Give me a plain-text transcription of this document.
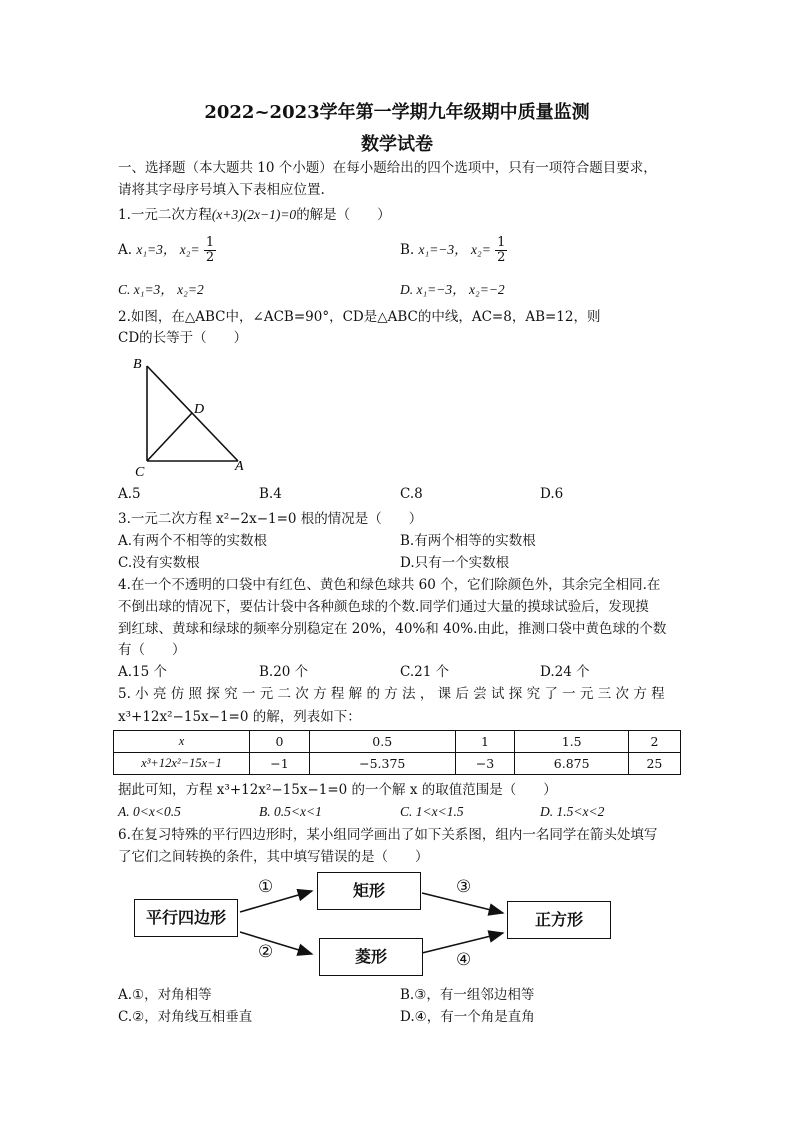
2022~2023学年第一学期九年级期中质量监测
数学试卷
一、选择题（本大题共 10 个小题）在每小题给出的四个选项中，只有一项符合题目要求，
请将其字母序号填入下表相应位置.
1.一元二次方程(x+3)(2x−1)=0的解是（　　）
A. x₁=3， $x_2= \frac{1}{2}$	B. x₁=−3， $x_2= \frac{1}{2}$
C. x₁=3， x₂=2	D. x₁=−3， x₂=−2
2.如图，在△ABC中，∠ACB=90°，CD是△ABC的中线，AC=8，AB=12，则
CD的长等于（　　）
B
D
C	A
A.5	B.4	C.8	D.6
3.一元二次方程 x²−2x−1=0 根的情况是（　　）
A.有两个不相等的实数根	B.有两个相等的实数根
C.没有实数根	D.只有一个实数根
4.在一个不透明的口袋中有红色、黄色和绿色球共 60 个，它们除颜色外，其余完全相同.在
不倒出球的情况下，要估计袋中各种颜色球的个数.同学们通过大量的摸球试验后，发现摸
到红球、黄球和绿球的频率分别稳定在 20%，40%和 40%.由此，推测口袋中黄色球的个数
有（　　）
A.15 个	B.20 个	C.21 个	D.24 个
5. 小 亮 仿 照 探 究 一 元 二 次 方 程 解 的 方 法 ， 课 后 尝 试 探 究 了 一 元 三 次 方 程
x³+12x²−15x−1=0 的解，列表如下：
x	0	0.5	1	1.5	2
x³+12x²−15x−1	−1	−5.375	−3	6.875	25
据此可知，方程 x³+12x²−15x−1=0 的一个解 x 的取值范围是（　　）
A. 0<x<0.5	B. 0.5<x<1	C. 1<x<1.5	D. 1.5<x<2
6.在复习特殊的平行四边形时，某小组同学画出了如下关系图，组内一名同学在箭头处填写
了它们之间转换的条件，其中填写错误的是（　　）
平行四边形
矩形
菱形
正方形
①
②
③
④
A.①，对角相等	B.③，有一组邻边相等
C.②，对角线互相垂直	D.④，有一个角是直角
